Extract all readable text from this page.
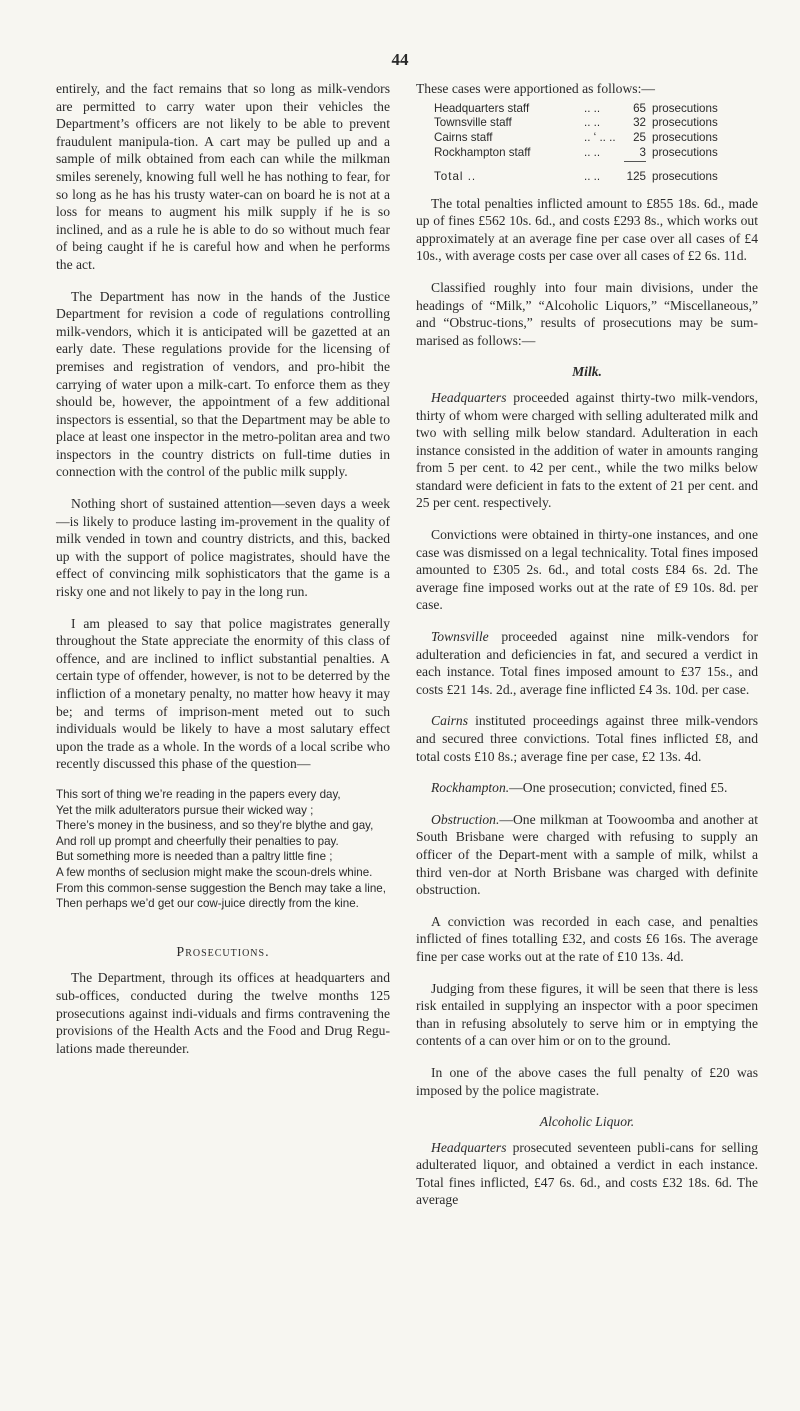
44

entirely, and the fact remains that so long as milk-vendors are permitted to carry water upon their vehicles the Department’s officers are not likely to be able to prevent fraudulent manipula-tion. A cart may be pulled up and a sample of milk obtained from each can while the milkman smiles serenely, knowing full well he has nothing to fear, for so long as he has his trusty water-can on board he is not at a loss for means to augment his milk supply if he is so inclined, and as a rule he is able to do so without much fear of being caught if he is careful how and when he performs the act.

The Department has now in the hands of the Justice Department for revision a code of regulations controlling milk-vendors, which it is anticipated will be gazetted at an early date. These regulations provide for the licensing of premises and registration of vendors, and pro-hibit the carrying of water upon a milk-cart. To enforce them as they should be, however, the appointment of a few additional inspectors is essential, so that the Department may be able to place at least one inspector in the metro-politan area and two inspectors in the country districts on full-time duties in connection with the control of the public milk supply.

Nothing short of sustained attention—seven days a week—is likely to produce lasting im-provement in the quality of milk vended in town and country districts, and this, backed up with the support of police magistrates, should have the effect of convincing milk sophisticators that the game is a risky one and not likely to pay in the long run.

I am pleased to say that police magistrates generally throughout the State appreciate the enormity of this class of offence, and are inclined to inflict substantial penalties. A certain type of offender, however, is not to be deterred by the infliction of a monetary penalty, no matter how heavy it may be; and terms of imprison-ment meted out to such individuals would be likely to have a most salutary effect upon the trade as a whole. In the words of a local scribe who recently discussed this phase of the question—

This sort of thing we’re reading in the papers every day,
Yet the milk adulterators pursue their wicked way ;
There’s money in the business, and so they’re blythe and gay,
And roll up prompt and cheerfully their penalties to pay.
But something more is needed than a paltry little fine ;
A few months of seclusion might make the scoun-drels whine.
From this common-sense suggestion the Bench may take a line,
Then perhaps we’d get our cow-juice directly from the kine.
Prosecutions.

The Department, through its offices at headquarters and sub-offices, conducted during the twelve months 125 prosecutions against indi-viduals and firms contravening the provisions of the Health Acts and the Food and Drug Regu-lations made thereunder.

These cases were apportioned as follows:—

Headquarters staff	.. ..	65 prosecutions
Townsville staff	.. ..	32 prosecutions
Cairns staff	.. ‘ .. ..	25 prosecutions
Rockhampton staff	.. ..	3 prosecutions
Total ..	.. ..	125 prosecutions

The total penalties inflicted amount to £855 18s. 6d., made up of fines £562 10s. 6d., and costs £293 8s., which works out approximately at an average fine per case over all cases of £4 10s., with average costs per case over all cases of £2 6s. 11d.

Classified roughly into four main divisions, under the headings of “Milk,” “Alcoholic Liquors,” “Miscellaneous,” and “Obstruc-tions,” results of prosecutions may be sum-marised as follows:—

Milk.

Headquarters proceeded against thirty-two milk-vendors, thirty of whom were charged with selling adulterated milk and two with selling milk below standard. Adulteration in each instance consisted in the addition of water in amounts ranging from 5 per cent. to 42 per cent., while the two milks below standard were deficient in fats to the extent of 21 per cent. and 25 per cent. respectively.

Convictions were obtained in thirty-one instances, and one case was dismissed on a legal technicality. Total fines imposed amounted to £305 2s. 6d., and total costs £84 6s. 2d. The average fine imposed works out at the rate of £9 10s. 8d. per case.

Townsville proceeded against nine milk-vendors for adulteration and deficiencies in fat, and secured a verdict in each instance. Total fines imposed amount to £37 15s., and costs £21 14s. 2d., average fine inflicted £4 3s. 10d. per case.

Cairns instituted proceedings against three milk-vendors and secured three convictions. Total fines inflicted £8, and total costs £10 8s.; average fine per case, £2 13s. 4d.

Rockhampton.—One prosecution; convicted, fined £5.

Obstruction.—One milkman at Toowoomba and another at South Brisbane were charged with refusing to supply an officer of the Depart-ment with a sample of milk, whilst a third ven-dor at North Brisbane was charged with definite obstruction.

A conviction was recorded in each case, and penalties inflicted of fines totalling £32, and costs £6 16s. The average fine per case works out at the rate of £10 13s. 4d.

Judging from these figures, it will be seen that there is less risk entailed in supplying an inspector with a poor specimen than in refusing absolutely to serve him or in emptying the contents of a can over him or on to the ground.

In one of the above cases the full penalty of £20 was imposed by the police magistrate.

Alcoholic Liquor.

Headquarters prosecuted seventeen publi-cans for selling adulterated liquor, and obtained a verdict in each instance. Total fines inflicted, £47 6s. 6d., and costs £32 18s. 6d. The average
